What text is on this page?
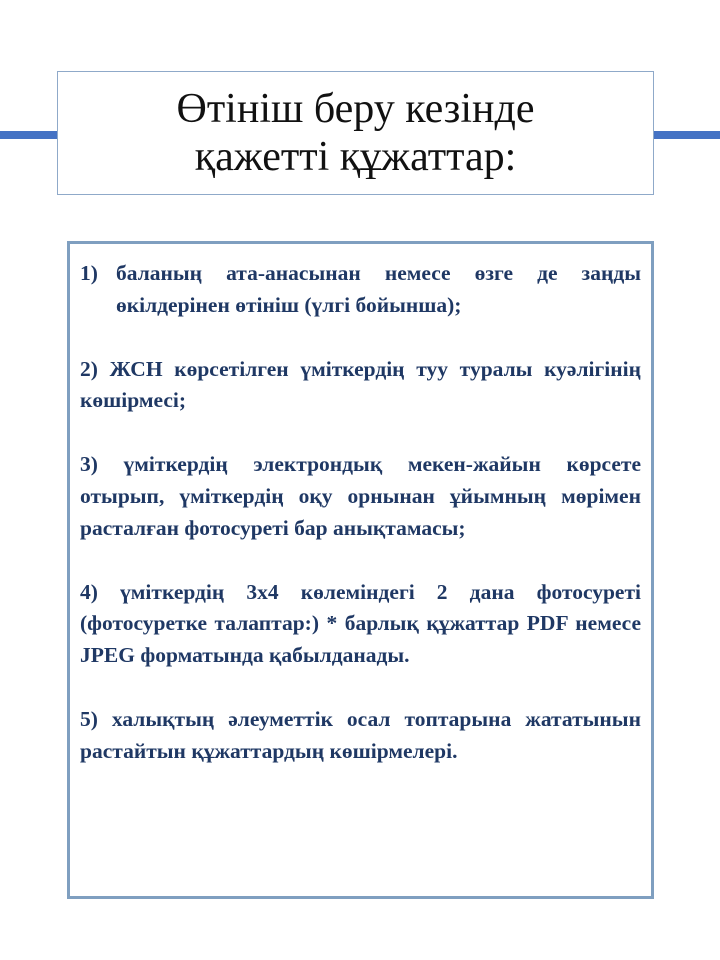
Өтініш беру кезінде
қажетті құжаттар:

1) баланың ата-анасынан немесе өзге де заңды өкілдерінен өтініш (үлгі бойынша);

2) ЖСН көрсетілген үміткердің туу туралы куәлігінің көшірмесі;

3) үміткердің электрондық мекен-жайын көрсете отырып, үміткердің оқу орнынан ұйымның мөрімен расталған фотосуреті бар анықтамасы;

4) үміткердің 3х4 көлеміндегі 2 дана фотосуреті (фотосуретке талаптар:) * барлық құжаттар PDF немесе JPEG форматында қабылданады.

5) халықтың әлеуметтік осал топтарына жататынын растайтын құжаттардың көшірмелері.
